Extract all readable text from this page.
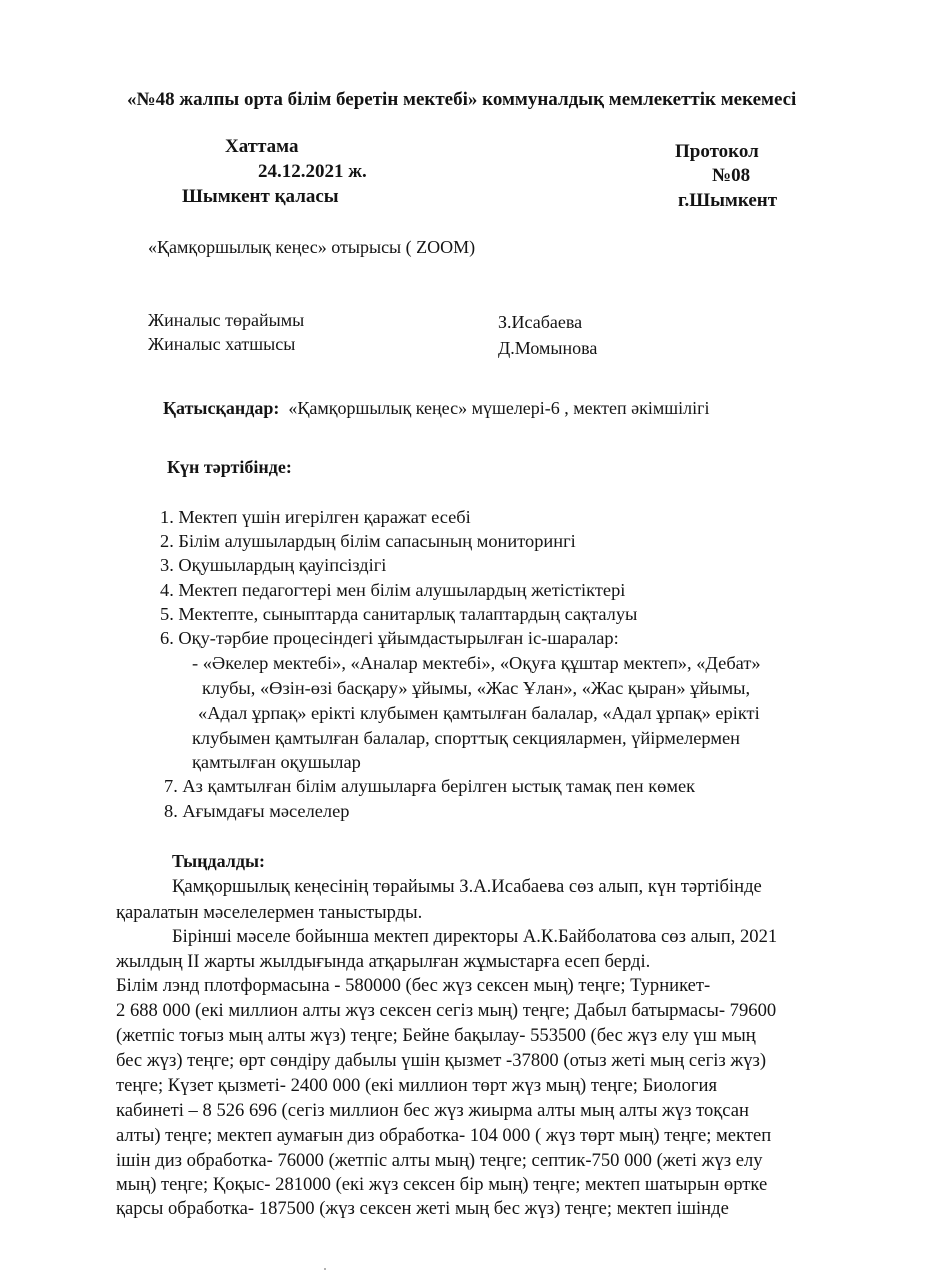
«№48 жалпы орта білім беретін мектебі» коммуналдық мемлекеттік мекемесі
Хаттама
24.12.2021 ж.
Шымкент қаласы
Протокол
№08
г.Шымкент
«Қамқоршылық кеңес» отырысы ( ZOOM)
Жиналыс төрайымы	З.Исабаева
Жиналыс хатшысы	Д.Момынова
Қатысқандар: «Қамқоршылық кеңес» мүшелері-6 , мектеп әкімшілігі
Күн тәртібінде:
1. Мектеп үшін игерілген қаражат есебі
2. Білім алушылардың білім сапасының мониторингі
3. Оқушылардың қауіпсіздігі
4. Мектеп педагогтері мен білім алушылардың жетістіктері
5. Мектепте, сыныптарда санитарлық талаптардың сақталуы
6. Оқу-тәрбие процесіндегі ұйымдастырылған іс-шаралар:
- «Әкелер мектебі», «Аналар мектебі», «Оқуға құштар мектеп», «Дебат»
клубы, «Өзін-өзі басқару» ұйымы, «Жас Ұлан», «Жас қыран» ұйымы,
«Адал ұрпақ» ерікті клубымен қамтылған балалар, «Адал ұрпақ» ерікті
клубымен қамтылған балалар, спорттық секциялармен, үйірмелермен
қамтылған оқушылар
7. Аз қамтылған білім алушыларға берілген ыстық тамақ пен көмек
8. Ағымдағы мәселелер
Тыңдалды:
Қамқоршылық кеңесінің төрайымы З.А.Исабаева сөз алып, күн тәртібінде
қаралатын мәселелермен таныстырды.
Бірінші мәселе бойынша мектеп директоры А.К.Байболатова сөз алып, 2021
жылдың II жарты жылдығында атқарылған жұмыстарға есеп берді.
Білім лэнд плотформасына - 580000 (бес жүз сексен мың) теңге; Турникет-
2 688 000 (екі миллион алты жүз сексен сегіз мың) теңге; Дабыл батырмасы- 79600
(жетпіс тоғыз мың алты жүз) теңге; Бейне бақылау- 553500 (бес жүз елу үш мың
бес жүз) теңге; өрт сөндіру дабылы үшін қызмет -37800 (отыз жеті мың сегіз жүз)
теңге; Күзет қызметі- 2400 000 (екі миллион төрт жүз мың) теңге; Биология
кабинеті – 8 526 696 (сегіз миллион бес жүз жиырма алты мың алты жүз тоқсан
алты) теңге; мектеп аумағын диз обработка- 104 000 ( жүз төрт мың) теңге; мектеп
ішін диз обработка- 76000 (жетпіс алты мың) теңге; септик-750 000 (жеті жүз елу
мың) теңге; Қоқыс- 281000 (екі жүз сексен бір мың) теңге; мектеп шатырын өртке
қарсы обработка- 187500 (жүз сексен жеті мың бес жүз) теңге; мектеп ішінде
